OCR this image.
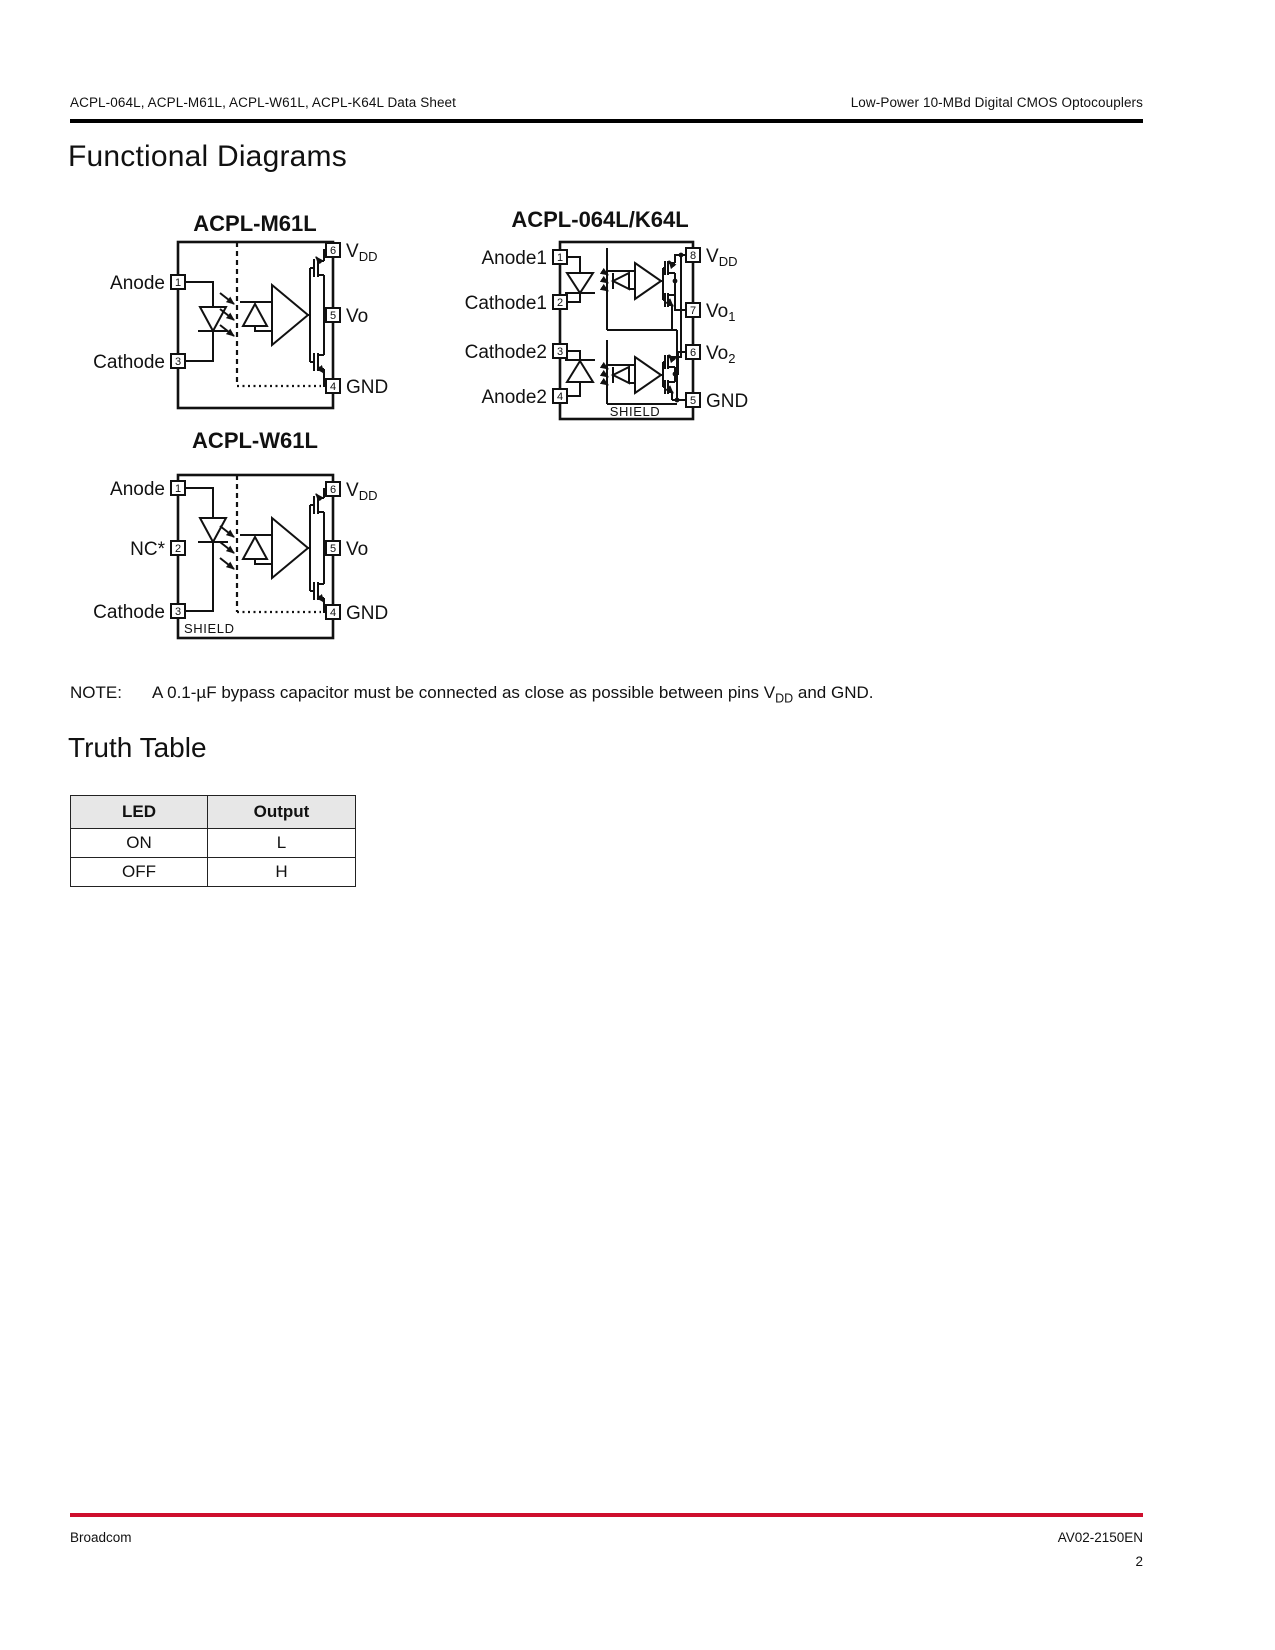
ACPL-064L, ACPL-M61L, ACPL-W61L, ACPL-K64L Data Sheet	Low-Power 10-MBd Digital CMOS Optocouplers
Functional Diagrams
ACPL-M61L
1
Anode
3
Cathode
6 $V_{DD}$
5 Vo
4 GND
ACPL-064L/K64L
SHIELD
1
Anode1
2
Cathode1
3
Cathode2
4
Anode2
8 $V_{DD}$
7 $Vo_1$
6 $Vo_2$
5 GND
ACPL-W61L
SHIELD
1
Anode
2
NC*
3
Cathode
6 $V_{DD}$
5 Vo
4 GND
NOTE: A 0.1-µF bypass capacitor must be connected as close as possible between pins $V_{DD}$ and GND.
Truth Table
LED	Output
ON	L
OFF	H
Broadcom	AV02-2150EN
2
